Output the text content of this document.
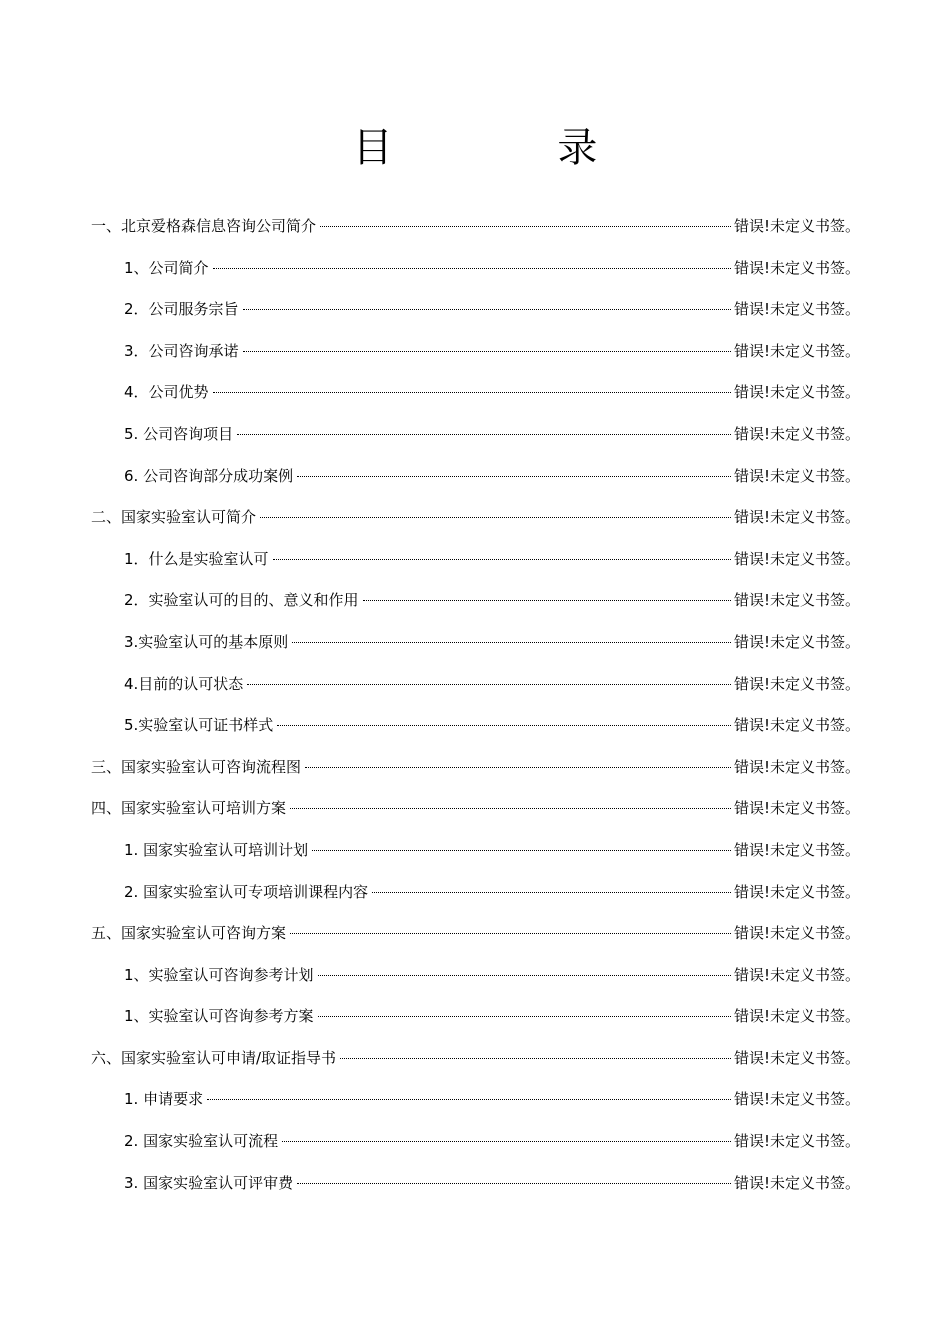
目 录
一、北京爱格森信息咨询公司简介	错误!未定义书签。
1、公司简介	错误!未定义书签。
2．公司服务宗旨	错误!未定义书签。
3．公司咨询承诺	错误!未定义书签。
4．公司优势	错误!未定义书签。
5. 公司咨询项目	错误!未定义书签。
6. 公司咨询部分成功案例	错误!未定义书签。
二、国家实验室认可简介	错误!未定义书签。
1．什么是实验室认可	错误!未定义书签。
2．实验室认可的目的、意义和作用	错误!未定义书签。
3.实验室认可的基本原则	错误!未定义书签。
4.目前的认可状态	错误!未定义书签。
5.实验室认可证书样式	错误!未定义书签。
三、国家实验室认可咨询流程图	错误!未定义书签。
四、国家实验室认可培训方案	错误!未定义书签。
1. 国家实验室认可培训计划	错误!未定义书签。
2. 国家实验室认可专项培训课程内容	错误!未定义书签。
五、国家实验室认可咨询方案	错误!未定义书签。
1、实验室认可咨询参考计划	错误!未定义书签。
1、实验室认可咨询参考方案	错误!未定义书签。
六、国家实验室认可申请/取证指导书	错误!未定义书签。
1. 申请要求	错误!未定义书签。
2. 国家实验室认可流程	错误!未定义书签。
3. 国家实验室认可评审费	错误!未定义书签。
